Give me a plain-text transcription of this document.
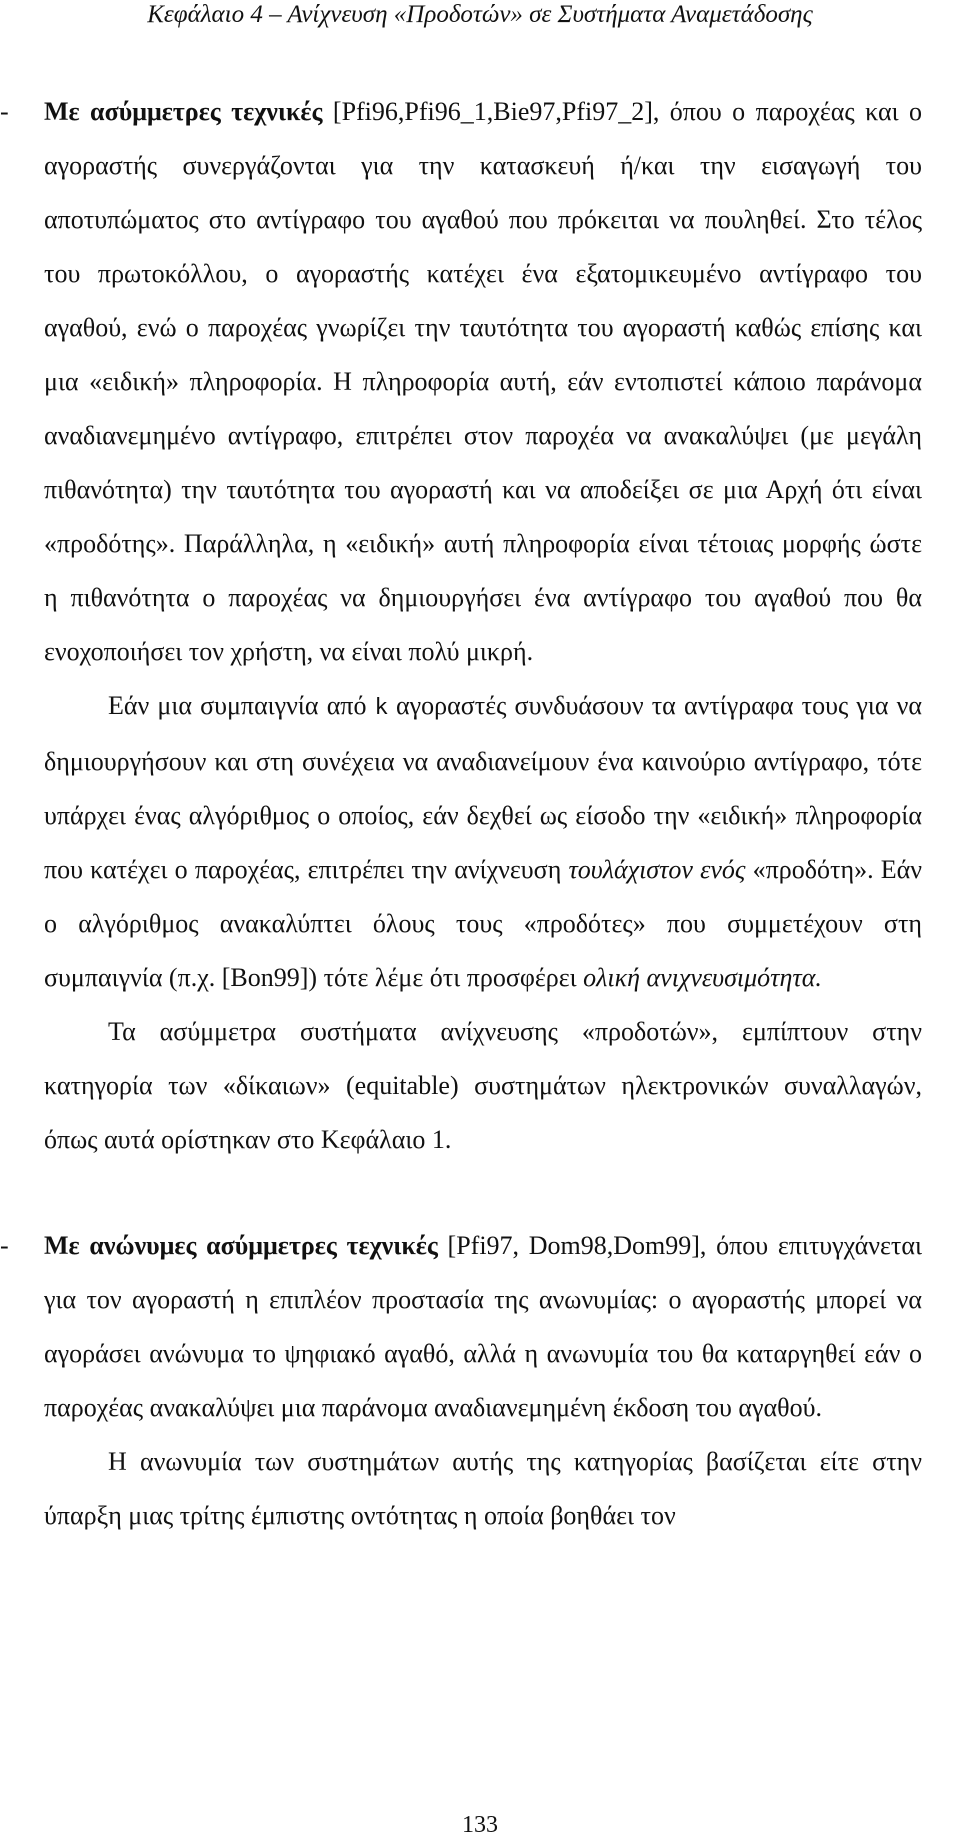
Κεφάλαιο 4 – Ανίχνευση «Προδοτών» σε Συστήματα Αναμετάδοσης
-	Με ασύμμετρες τεχνικές [Pfi96,Pfi96_1,Bie97,Pfi97_2], όπου ο παροχέας και ο αγοραστής συνεργάζονται για την κατασκευή ή/και την εισαγωγή του αποτυπώματος στο αντίγραφο του αγαθού που πρόκειται να πουληθεί. Στο τέλος του πρωτοκόλλου, ο αγοραστής κατέχει ένα εξατομικευμένο αντίγραφο του αγαθού, ενώ ο παροχέας γνωρίζει την ταυτότητα του αγοραστή καθώς επίσης και μια «ειδική» πληροφορία. Η πληροφορία αυτή, εάν εντοπιστεί κάποιο παράνομα αναδιανεμημένο αντίγραφο, επιτρέπει στον παροχέα να ανακαλύψει (με μεγάλη πιθανότητα) την ταυτότητα του αγοραστή και να αποδείξει σε μια Αρχή ότι είναι «προδότης». Παράλληλα, η «ειδική» αυτή πληροφορία είναι τέτοιας μορφής ώστε η πιθανότητα ο παροχέας να δημιουργήσει ένα αντίγραφο του αγαθού που θα ενοχοποιήσει τον χρήστη, να είναι πολύ μικρή.

Εάν μια συμπαιγνία από k αγοραστές συνδυάσουν τα αντίγραφα τους για να δημιουργήσουν και στη συνέχεια να αναδιανείμουν ένα καινούριο αντίγραφο, τότε υπάρχει ένας αλγόριθμος ο οποίος, εάν δεχθεί ως είσοδο την «ειδική» πληροφορία που κατέχει ο παροχέας, επιτρέπει την ανίχνευση τουλάχιστον ενός «προδότη». Εάν ο αλγόριθμος ανακαλύπτει όλους τους «προδότες» που συμμετέχουν στη συμπαιγνία (π.χ. [Bon99]) τότε λέμε ότι προσφέρει ολική ανιχνευσιμότητα.

Τα ασύμμετρα συστήματα ανίχνευσης «προδοτών», εμπίπτουν στην κατηγορία των «δίκαιων» (equitable) συστημάτων ηλεκτρονικών συναλλαγών, όπως αυτά ορίστηκαν στο Κεφάλαιο 1.

-	Με ανώνυμες ασύμμετρες τεχνικές [Pfi97, Dom98,Dom99], όπου επιτυγχάνεται για τον αγοραστή η επιπλέον προστασία της ανωνυμίας: ο αγοραστής μπορεί να αγοράσει ανώνυμα το ψηφιακό αγαθό, αλλά η ανωνυμία του θα καταργηθεί εάν ο παροχέας ανακαλύψει μια παράνομα αναδιανεμημένη έκδοση του αγαθού.

Η ανωνυμία των συστημάτων αυτής της κατηγορίας βασίζεται είτε στην ύπαρξη μιας τρίτης έμπιστης οντότητας η οποία βοηθάει τον

133
